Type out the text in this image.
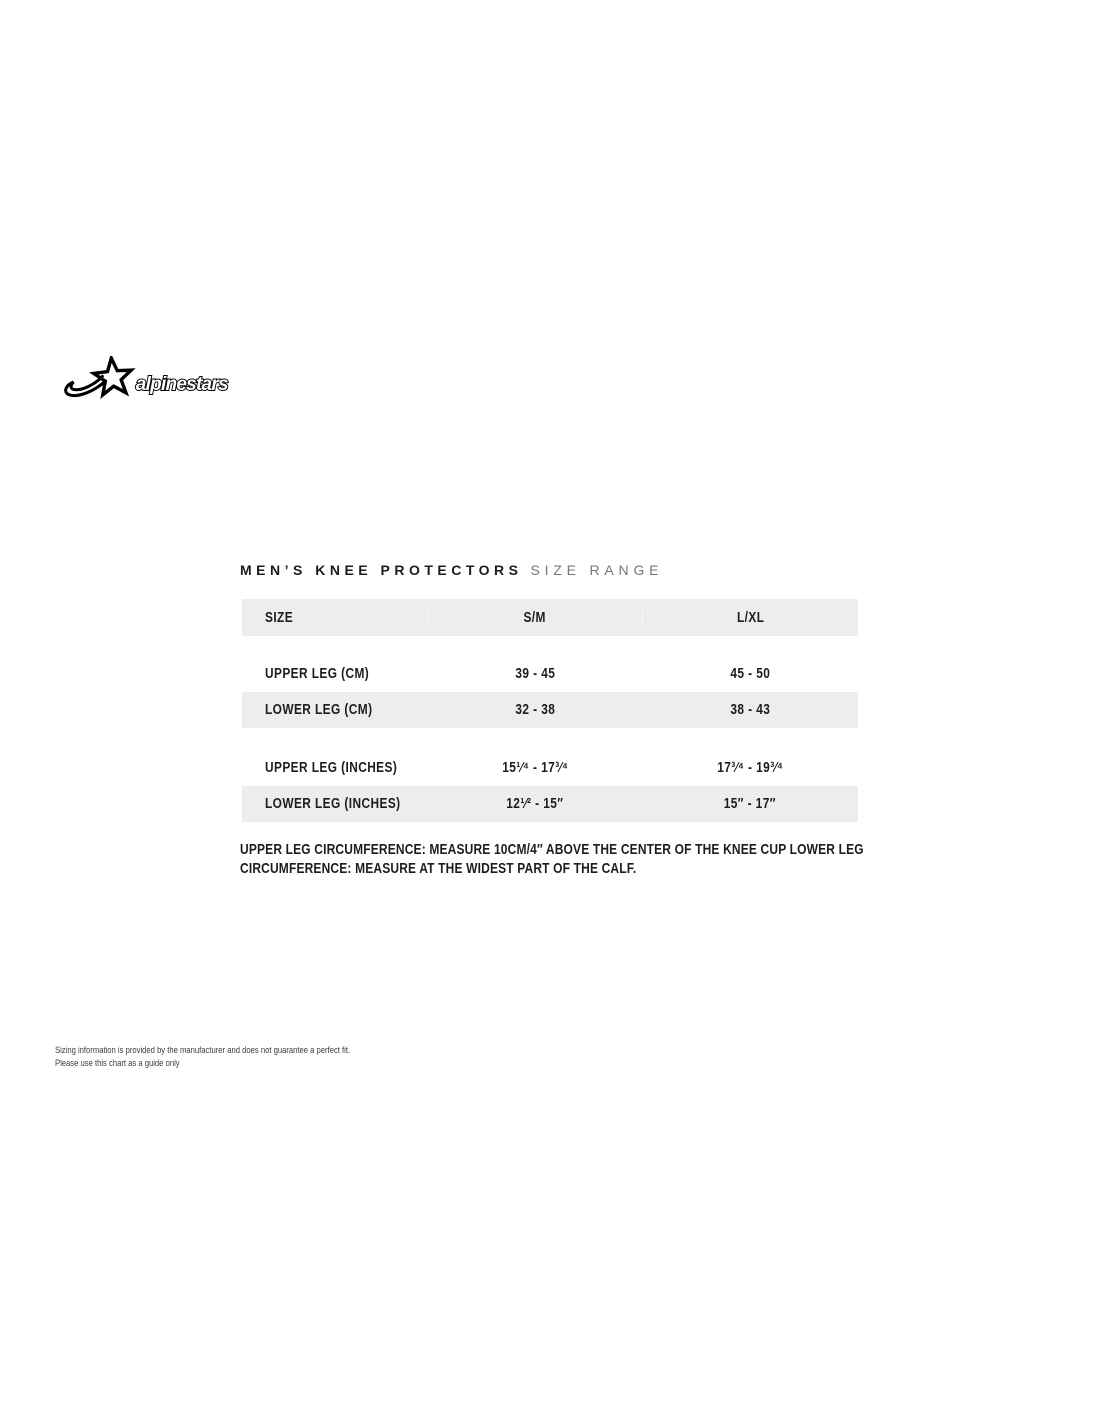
alpinestars
MEN’S KNEE PROTECTORS SIZE RANGE
SIZE	S/M	L/XL
UPPER LEG (CM)	39 - 45	45 - 50
LOWER LEG (CM)	32 - 38	38 - 43
UPPER LEG (INCHES)	15¹⁄⁴ - 17³⁄⁴	17³⁄⁴ - 19³⁄⁴
LOWER LEG (INCHES)	12¹⁄² - 15″	15″ - 17″
UPPER LEG CIRCUMFERENCE: MEASURE 10CM/4″ ABOVE THE CENTER OF THE KNEE CUP LOWER LEG
CIRCUMFERENCE: MEASURE AT THE WIDEST PART OF THE CALF.
Sizing information is provided by the manufacturer and does not guarantee a perfect fit.
Please use this chart as a guide only
